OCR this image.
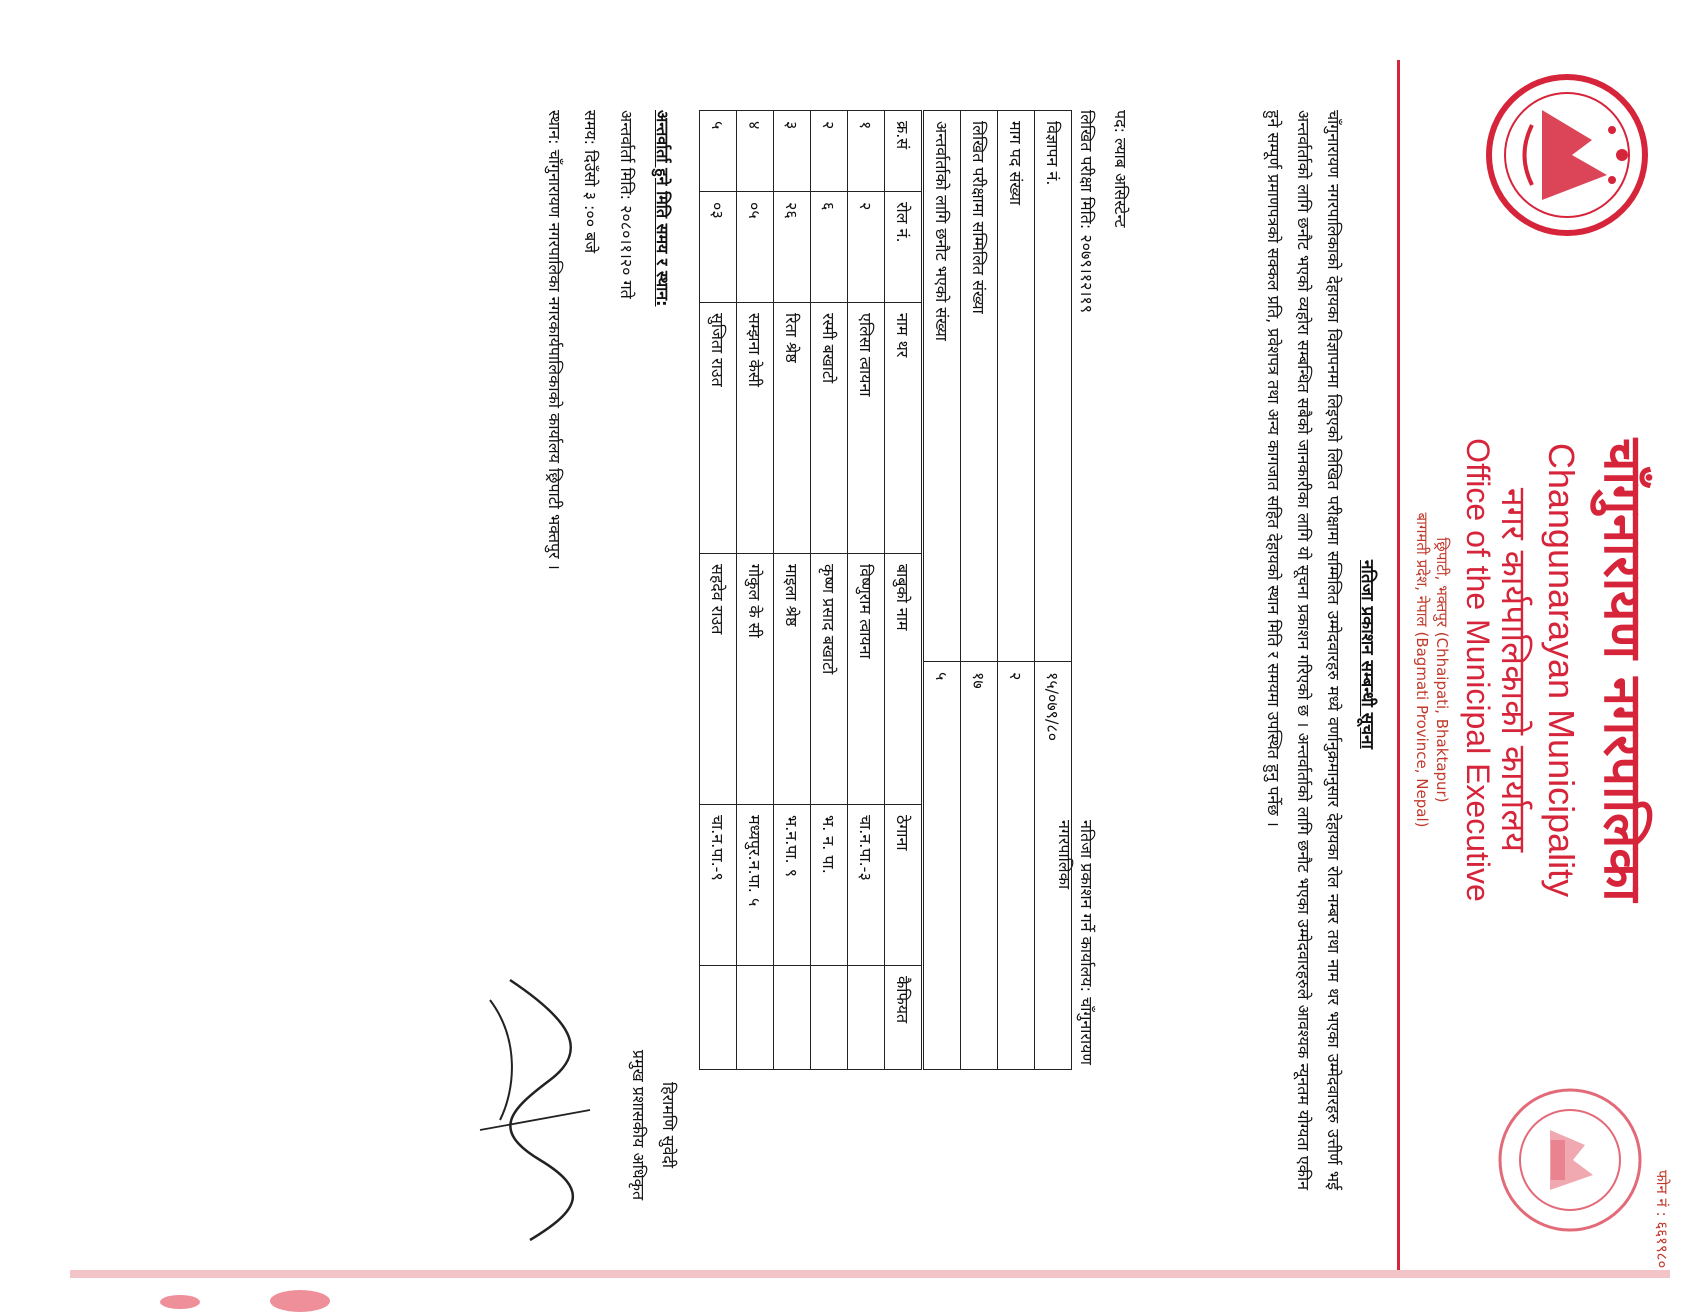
फोन नं : ६६१९८०
चाँगुनारायण नगरपालिका
Changunarayan Municipality
नगर कार्यपालिकाको कार्यालय
Office of the Municipal Executive
छ्रिपाटी, भक्तपुर (Chhaipati, Bhaktapur)
बागमती प्रदेश, नेपाल (Bagmati Province, Nepal)
नतिजा प्रकाशन सम्बन्धी सूचना
चाँगुनारायण नगरपालिकाको देहायका विज्ञापनमा लिइएको लिखित परीक्षामा सम्मिलित उम्मेदवारहरु मध्ये वर्णानुक्रमानुसार देहायका रोल नम्बर तथा नाम थर भएका उम्मेदवारहरु उत्तीर्ण भई अन्तर्वार्ताको लागि छनौट भएको व्यहोरा सम्बन्धित सबैको जानकारीका लागि यो सूचना प्रकाशन गरिएको छ । अन्तर्वार्ताको लागि छनौट भएका उम्मेदवारहरुले आवश्यक न्यूनतम योग्यता एकीन हुने सम्पूर्ण प्रमाणपत्रको सक्कल प्रति, प्रवेशपत्र तथा अन्य कागजात सहित देहायको स्थान मिति र समयमा उपस्थित हुनु पर्नेछ ।
पद: ल्याब असिस्टेन्ट
लिखित परीक्षा मिति: २०७९।१२।१९
नतिजा प्रकाशन गर्ने कार्यालय: चाँगुनारायण नगरपालिका
विज्ञापन नं.	१५/०७९/८०
माग पद संख्या	२
लिखित परीक्षामा सम्मिलित संख्या	१७
अन्तर्वार्ताको लागि छनौट भएको संख्या	५
क्र.सं	रोल नं.	नाम थर	बाबुको नाम	ठेगाना	कैफियत
१	२	एलिसा त्वायना	विष्णुराम त्वायना	चा.न.पा.-३	
२	६	रस्मी बखाटो	कृष्ण प्रसाद बखाटो	भ. न. पा.	
३	२६	रिता श्रेष्ठ	माइला श्रेष्ठ	भ.न.पा. ९	
४	०५	सम्झना केसी	गोकुल के सी	मध्यपुर.न.पा. ५	
५	०३	सुजिता राउत	सहदेव राउत	चा.न.पा.-९	
अन्तर्वार्ता हुने मिति समय र स्थान:
अन्तर्वार्ता मिति: २०८०।१।२० गते
समय: दिउँसो ३ :०० बजे
स्थान: चाँगुनारायण नगरपालिका नगरकार्यपालिकाको कार्यालय छ्रिपाटी भक्तपुर ।
हिरामणि सुवेदी
प्रमुख प्रशासकीय अधिकृत
